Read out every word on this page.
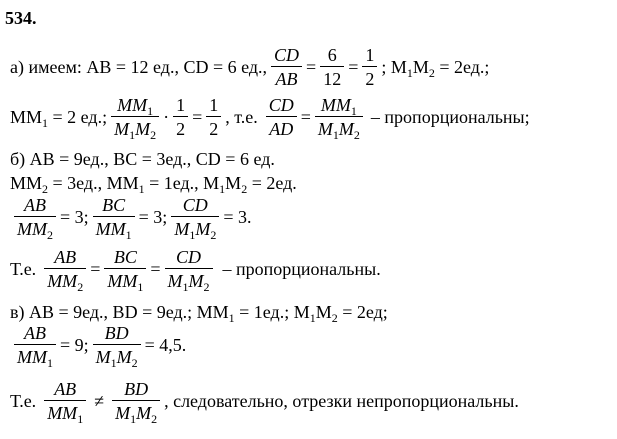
534.
а) имеем: AB = 12 ед., CD = 6 ед., $\frac{CD}{AB} = \frac{6}{12} = \frac{1}{2}$ ; $M_1M_2 = 2ед$.;
$MM_1 = 2$ ед.; $\frac{MM_1}{M_1M_2} \cdot \frac{1}{2} = \frac{1}{2}$ , т.е. $\frac{CD}{AD} = \frac{MM_1}{M_1M_2}$ – пропорциональны;
б) AB = 9ед., BC = 3ед., CD = 6 ед.
$MM_2 = 3ед$., $MM_1 = 1ед$., $M_1M_2 = 2ед$.
$\frac{AB}{MM_2} = 3$; $\frac{BC}{MM_1} = 3$; $\frac{CD}{M_1M_2} = 3$.
Т.е. $\frac{AB}{MM_2} = \frac{BC}{MM_1} = \frac{CD}{M_1M_2}$ – пропорциональны.
в) AB = 9ед., BD = 9ед.; $MM_1 = 1ед$.; $M_1M_2 = 2ед$;
$\frac{AB}{MM_1} = 9$; $\frac{BD}{M_1M_2} = 4,5$.
Т.е. $\frac{AB}{MM_1} \ne \frac{BD}{M_1M_2}$ , следовательно, отрезки непропорциональны.
